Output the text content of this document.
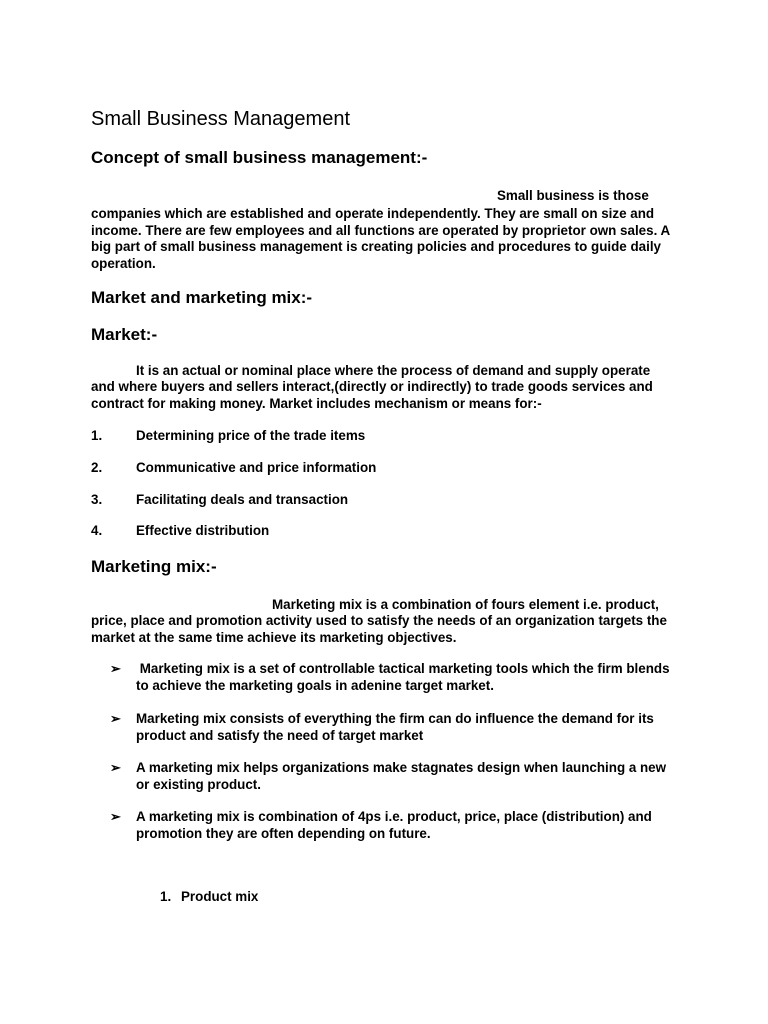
Small Business Management
Concept of small business management:-
Small business is those
companies which are established and operate independently. They are small on size and income. There are few employees and all functions are operated by proprietor own sales. A big part of small business management is creating policies and procedures to guide daily operation.
Market and marketing mix:-
Market:-
It is an actual or nominal place where the process of demand and supply operate
and where buyers and sellers interact,(directly or indirectly) to trade goods services and contract for making money. Market includes mechanism or means for:-
1.	Determining price of the trade items
2.	Communicative and price information
3.	Facilitating deals and transaction
4.	Effective distribution
Marketing mix:-
Marketing mix is a combination of fours element i.e. product,
price, place and promotion activity used to satisfy the needs of an organization targets the market at the same time achieve its marketing objectives.
➢ Marketing mix is a set of controllable tactical marketing tools which the firm blends to achieve the marketing goals in adenine target market.
➢ Marketing mix consists of everything the firm can do influence the demand for its product and satisfy the need of target market
➢ A marketing mix helps organizations make stagnates design when launching a new or existing product.
➢ A marketing mix is combination of 4ps i.e. product, price, place (distribution) and promotion they are often depending on future.
1. Product mix
